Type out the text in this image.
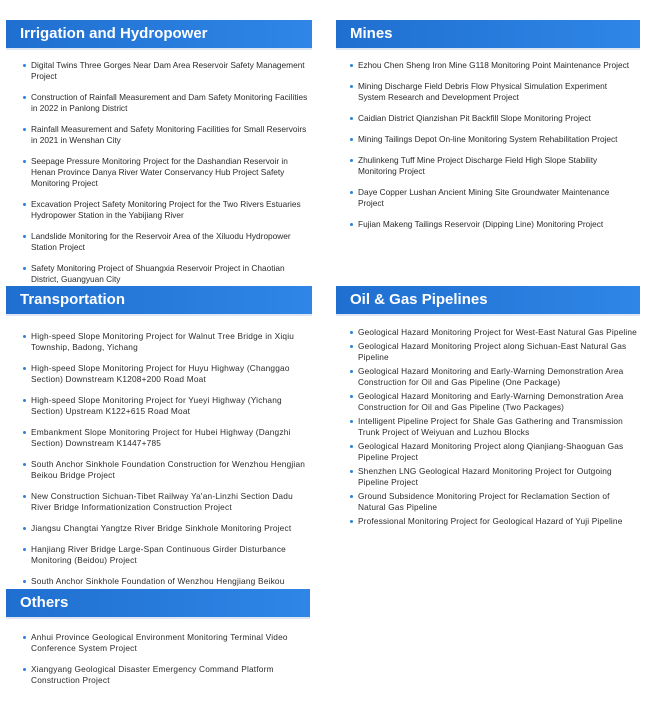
Irrigation and Hydropower
Digital Twins Three Gorges Near Dam Area Reservoir Safety Management Project
Construction of Rainfall Measurement and Dam Safety Monitoring Facilities in 2022 in Panlong District
Rainfall Measurement and Safety Monitoring Facilities for Small Reservoirs in 2021 in Wenshan City
Seepage Pressure Monitoring Project for the Dashandian Reservoir in Henan Province Danya River Water Conservancy Hub Project Safety Monitoring Project
Excavation Project Safety Monitoring Project for the Two Rivers Estuaries Hydropower Station in the Yabijiang River
Landslide Monitoring for the Reservoir Area of the Xiluodu Hydropower Station Project
Safety Monitoring Project of Shuangxia Reservoir Project in Chaotian District, Guangyuan City
Mines
Ezhou Chen Sheng Iron Mine G118 Monitoring Point Maintenance Project
Mining Discharge Field Debris Flow Physical Simulation Experiment System Research and Development Project
Caidian District Qianzishan Pit Backfill Slope Monitoring Project
Mining Tailings Depot On-line Monitoring System Rehabilitation Project
Zhulinkeng Tuff Mine Project Discharge Field High Slope Stability Monitoring Project
Daye Copper Lushan Ancient Mining Site Groundwater Maintenance Project
Fujian Makeng Tailings Reservoir (Dipping Line) Monitoring Project
Transportation
High-speed Slope Monitoring Project for Walnut Tree Bridge in Xiqiu Township, Badong, Yichang
High-speed Slope Monitoring Project for Huyu Highway (Changgao Section) Downstream K1208+200 Road Moat
High-speed Slope Monitoring Project for Yueyi Highway (Yichang Section) Upstream K122+615 Road Moat
Embankment Slope Monitoring Project for Hubei Highway (Dangzhi Section) Downstream K1447+785
South Anchor Sinkhole Foundation Construction for Wenzhou Hengjian Beikou Bridge Project
New Construction Sichuan-Tibet Railway Ya'an-Linzhi Section Dadu River Bridge Informationization Construction Project
Jiangsu Changtai Yangtze River Bridge Sinkhole Monitoring Project
Hanjiang River Bridge Large-Span Continuous Girder Disturbance Monitoring (Beidou) Project
South Anchor Sinkhole Foundation of Wenzhou Hengjiang Beikou
Oil & Gas Pipelines
Geological Hazard Monitoring Project for West-East Natural Gas Pipeline
Geological Hazard Monitoring Project along Sichuan-East Natural Gas Pipeline
Geological Hazard Monitoring and Early-Warning Demonstration Area Construction for Oil and Gas Pipeline (One Package)
Geological Hazard Monitoring and Early-Warning Demonstration Area Construction for Oil and Gas Pipeline (Two Packages)
Intelligent Pipeline Project for Shale Gas Gathering and Transmission Trunk Project of Weiyuan and Luzhou Blocks
Geological Hazard Monitoring Project along Qianjiang-Shaoguan Gas Pipeline Project
Shenzhen LNG Geological Hazard Monitoring Project for Outgoing Pipeline Project
Ground Subsidence Monitoring Project for Reclamation Section of Natural Gas Pipeline
Professional Monitoring Project for Geological Hazard of Yuji Pipeline
Others
Anhui Province Geological Environment Monitoring Terminal Video Conference System Project
Xiangyang Geological Disaster Emergency Command Platform Construction Project
